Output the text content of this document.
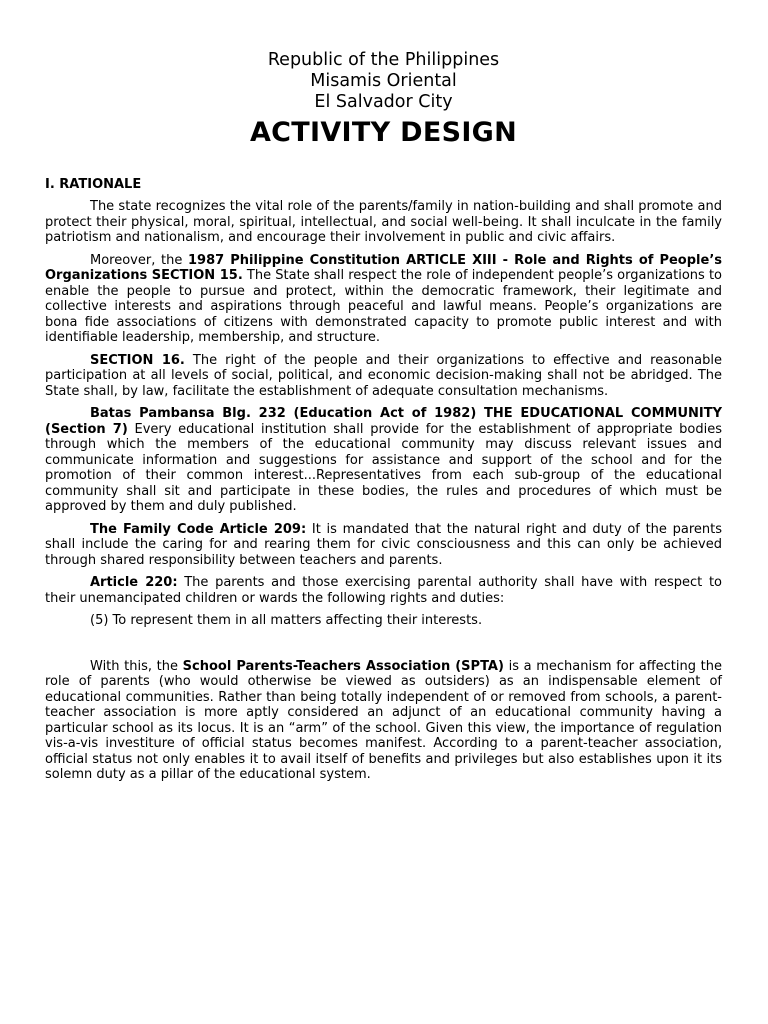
Republic of the Philippines

Misamis Oriental

El Salvador City

ACTIVITY DESIGN
I. RATIONALE

The state recognizes the vital role of the parents/family in nation-building and shall promote and protect their physical, moral, spiritual, intellectual, and social well-being. It shall inculcate in the family patriotism and nationalism, and encourage their involvement in public and civic affairs.

Moreover, the 1987 Philippine Constitution ARTICLE XIII - Role and Rights of People’s Organizations SECTION 15. The State shall respect the role of independent people’s organizations to enable the people to pursue and protect, within the democratic framework, their legitimate and collective interests and aspirations through peaceful and lawful means. People’s organizations are bona fide associations of citizens with demonstrated capacity to promote public interest and with identifiable leadership, membership, and structure.

SECTION 16. The right of the people and their organizations to effective and reasonable participation at all levels of social, political, and economic decision-making shall not be abridged. The State shall, by law, facilitate the establishment of adequate consultation mechanisms.

Batas Pambansa Blg. 232 (Education Act of 1982) THE EDUCATIONAL COMMUNITY (Section 7) Every educational institution shall provide for the establishment of appropriate bodies through which the members of the educational community may discuss relevant issues and communicate information and suggestions for assistance and support of the school and for the promotion of their common interest...Representatives from each sub-group of the educational community shall sit and participate in these bodies, the rules and procedures of which must be approved by them and duly published.

The Family Code Article 209: It is mandated that the natural right and duty of the parents shall include the caring for and rearing them for civic consciousness and this can only be achieved through shared responsibility between teachers and parents.

Article 220: The parents and those exercising parental authority shall have with respect to their unemancipated children or wards the following rights and duties:

(5) To represent them in all matters affecting their interests.

With this, the School Parents-Teachers Association (SPTA) is a mechanism for affecting the role of parents (who would otherwise be viewed as outsiders) as an indispensable element of educational communities. Rather than being totally independent of or removed from schools, a parent-teacher association is more aptly considered an adjunct of an educational community having a particular school as its locus. It is an “arm” of the school. Given this view, the importance of regulation vis-a-vis investiture of official status becomes manifest. According to a parent-teacher association, official status not only enables it to avail itself of benefits and privileges but also establishes upon it its solemn duty as a pillar of the educational system.
